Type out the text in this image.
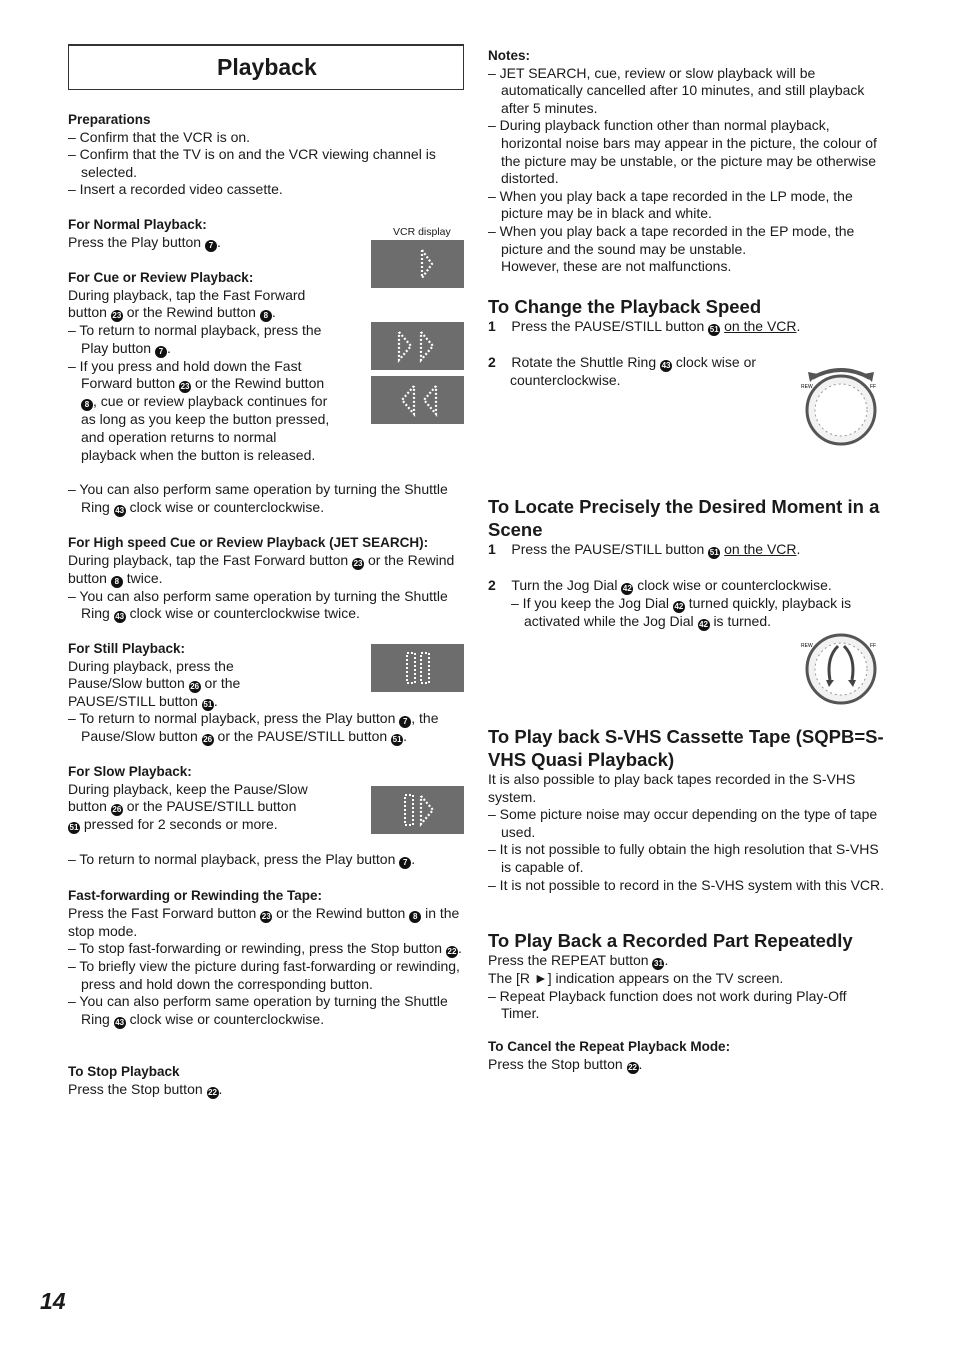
Playback

Preparations

– Confirm that the VCR is on.

– Confirm that the TV is on and the VCR viewing channel is selected.

– Insert a recorded video cassette.

VCR display

For Normal Playback:

Press the Play button 7 .

For Cue or Review Playback:

During playback, tap the Fast Forward button 23 or the Rewind button 8 .

– To return to normal playback, press the Play button 7 .

– If you press and hold down the Fast Forward button 23 or the Rewind button 8 , cue or review playback continues for as long as you keep the button pressed, and operation returns to normal playback when the button is released.

– You can also perform same operation by turning the Shuttle Ring 43 clock wise or counterclockwise.

For High speed Cue or Review Playback (JET SEARCH):

During playback, tap the Fast Forward button 23 or the Rewind button 8 twice.

– You can also perform same operation by turning the Shuttle Ring 43 clock wise or counterclockwise twice.

For Still Playback:

During playback, press the Pause/Slow button 26 or the PAUSE/STILL button 51 .

– To return to normal playback, press the Play button 7 , the Pause/Slow button 26 or the PAUSE/STILL button 51 .

For Slow Playback:

During playback, keep the Pause/Slow button 26 or the PAUSE/STILL button 51 pressed for 2 seconds or more.

– To return to normal playback, press the Play button 7 .

Fast-forwarding or Rewinding the Tape:

Press the Fast Forward button 23 or the Rewind button 8 in the stop mode.

– To stop fast-forwarding or rewinding, press the Stop button 22 .

– To briefly view the picture during fast-forwarding or rewinding, press and hold down the corresponding button.

– You can also perform same operation by turning the Shuttle Ring 43 clock wise or counterclockwise.

To Stop Playback

Press the Stop button 22 .

Notes:

– JET SEARCH, cue, review or slow playback will be automatically cancelled after 10 minutes, and still playback after 5 minutes.

– During playback function other than normal playback, horizontal noise bars may appear in the picture, the colour of the picture may be unstable, or the picture may be otherwise distorted.

– When you play back a tape recorded in the LP mode, the picture may be in black and white.

– When you play back a tape recorded in the EP mode, the picture and the sound may be unstable.

However, these are not malfunctions.

To Change the Playback Speed

1 Press the PAUSE/STILL button 51 on the VCR.

2 Rotate the Shuttle Ring 43 clock wise or counterclockwise.	REW	FF

To Locate Precisely the Desired Moment in a Scene

1 Press the PAUSE/STILL button 51 on the VCR.

2 Turn the Jog Dial 42 clock wise or counterclockwise.

– If you keep the Jog Dial 42 turned quickly, playback is activated while the Jog Dial 42 is turned.

REW	FF

To Play back S-VHS Cassette Tape (SQPB=S-VHS Quasi Playback)

It is also possible to play back tapes recorded in the S-VHS system.

– Some picture noise may occur depending on the type of tape used.

– It is not possible to fully obtain the high resolution that S-VHS is capable of.

– It is not possible to record in the S-VHS system with this VCR.

To Play Back a Recorded Part Repeatedly

Press the REPEAT button 31 .

The [R ►] indication appears on the TV screen.

– Repeat Playback function does not work during Play-Off Timer.

To Cancel the Repeat Playback Mode:

Press the Stop button 22 .

14
